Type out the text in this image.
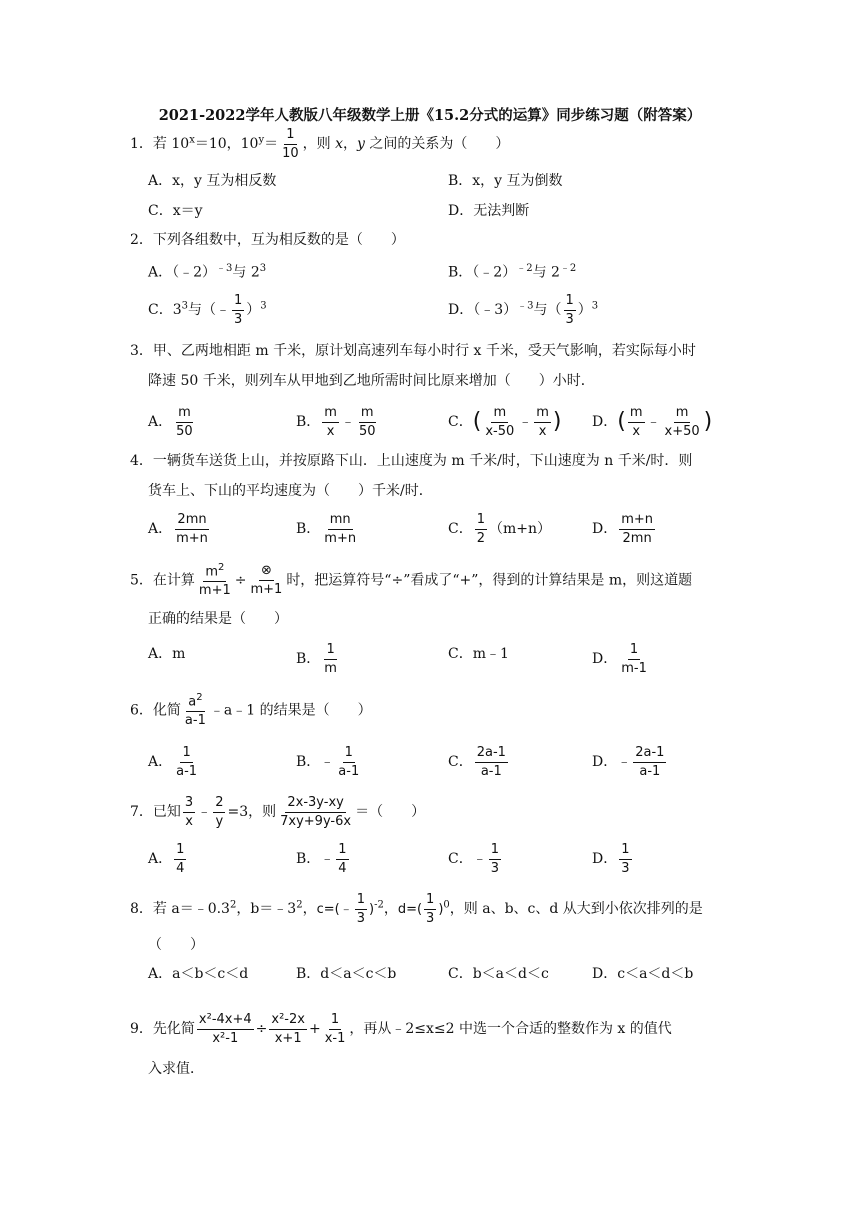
2021-2022学年人教版八年级数学上册《15.2分式的运算》同步练习题（附答案）
1．若 $10^x=10$，$10^y= \frac{1}{10}$ ，则 x，y 之间的关系为（　　）
A．x，y 互为相反数	B．x，y 互为倒数
C．x＝y	D．无法判断
2．下列各组数中，互为相反数的是（　　）
A．（﹣2）$^{﹣3}$与 $2^3$	B．（﹣2）$^{﹣2}$与 $2^{﹣2}$
C．$3^3$与（﹣ $\frac{1}{3} )^3$	D．（﹣3）$^{﹣3}$与（ $\frac{1}{3} )^3$
3．甲、乙两地相距 m 千米，原计划高速列车每小时行 x 千米，受天气影响，若实际每小时
降速 50 千米，则列车从甲地到乙地所需时间比原来增加（　　）小时．
A． $\frac{m}{50}$	B． $\frac{m}{x}$ ﹣ $\frac{m}{50}$	C．( $\frac{m}{x-50}$ ﹣ $\frac{m}{x}$ ) D．( $\frac{m}{x}$ ﹣ $\frac{m}{x+50}$ )
4．一辆货车送货上山，并按原路下山．上山速度为 m 千米/时，下山速度为 n 千米/时．则
货车上、下山的平均速度为（　　）千米/时．
A． $\frac{2mn}{m+n}$	B． $\frac{mn}{m+n}$	C． $\frac{1}{2} (m+n)$	D． $\frac{m+n}{2mn}$
5．在计算 $\frac{m^2}{m+1}$ ÷
⊗
m+1
时，把运算符号“÷”看成了“+”，得到的计算结果是 m，则这道题
正确的结果是（　　）
A．m	B． $\frac{1}{m}$	C．m﹣1	D． $\frac{1}{m-1}$
6．化简 $\frac{a^2}{a-1}$ ﹣a﹣1 的结果是（　　）
A． $\frac{1}{a-1}$	B．﹣ $\frac{1}{a-1}$	C． $\frac{2a-1}{a-1}$	D．﹣ $\frac{2a-1}{a-1}$
7．已知 $\frac{3}{x}$ ﹣ $\frac{2}{y} =3$，则 $\frac{2x-3y-xy}{7xy+9y-6x}$ ＝（　　）
A． $\frac{1}{4}$	B．﹣ $\frac{1}{4}$	C．﹣ $\frac{1}{3}$	D． $\frac{1}{3}$
8．若 $a=﹣0.3^2$，$b=﹣3^2$，c=(﹣ $\frac{1}{3} )^{-2}$，$d=( \frac{1}{3} )^0$，则 a、b、c、d 从大到小依次排列的是
（　　）
A．a＜b＜c＜d	B．d＜a＜c＜b	C．b＜a＜d＜c	D．c＜a＜d＜b
9．先化简 $\frac{\text{x²-4x+4}}{\text{x²-1}} \div \frac{\text{x²-2x}}{x+1} + \frac{1}{x-1}$ ，再从﹣2≤x≤2 中选一个合适的整数作为 x 的值代
入求值．
